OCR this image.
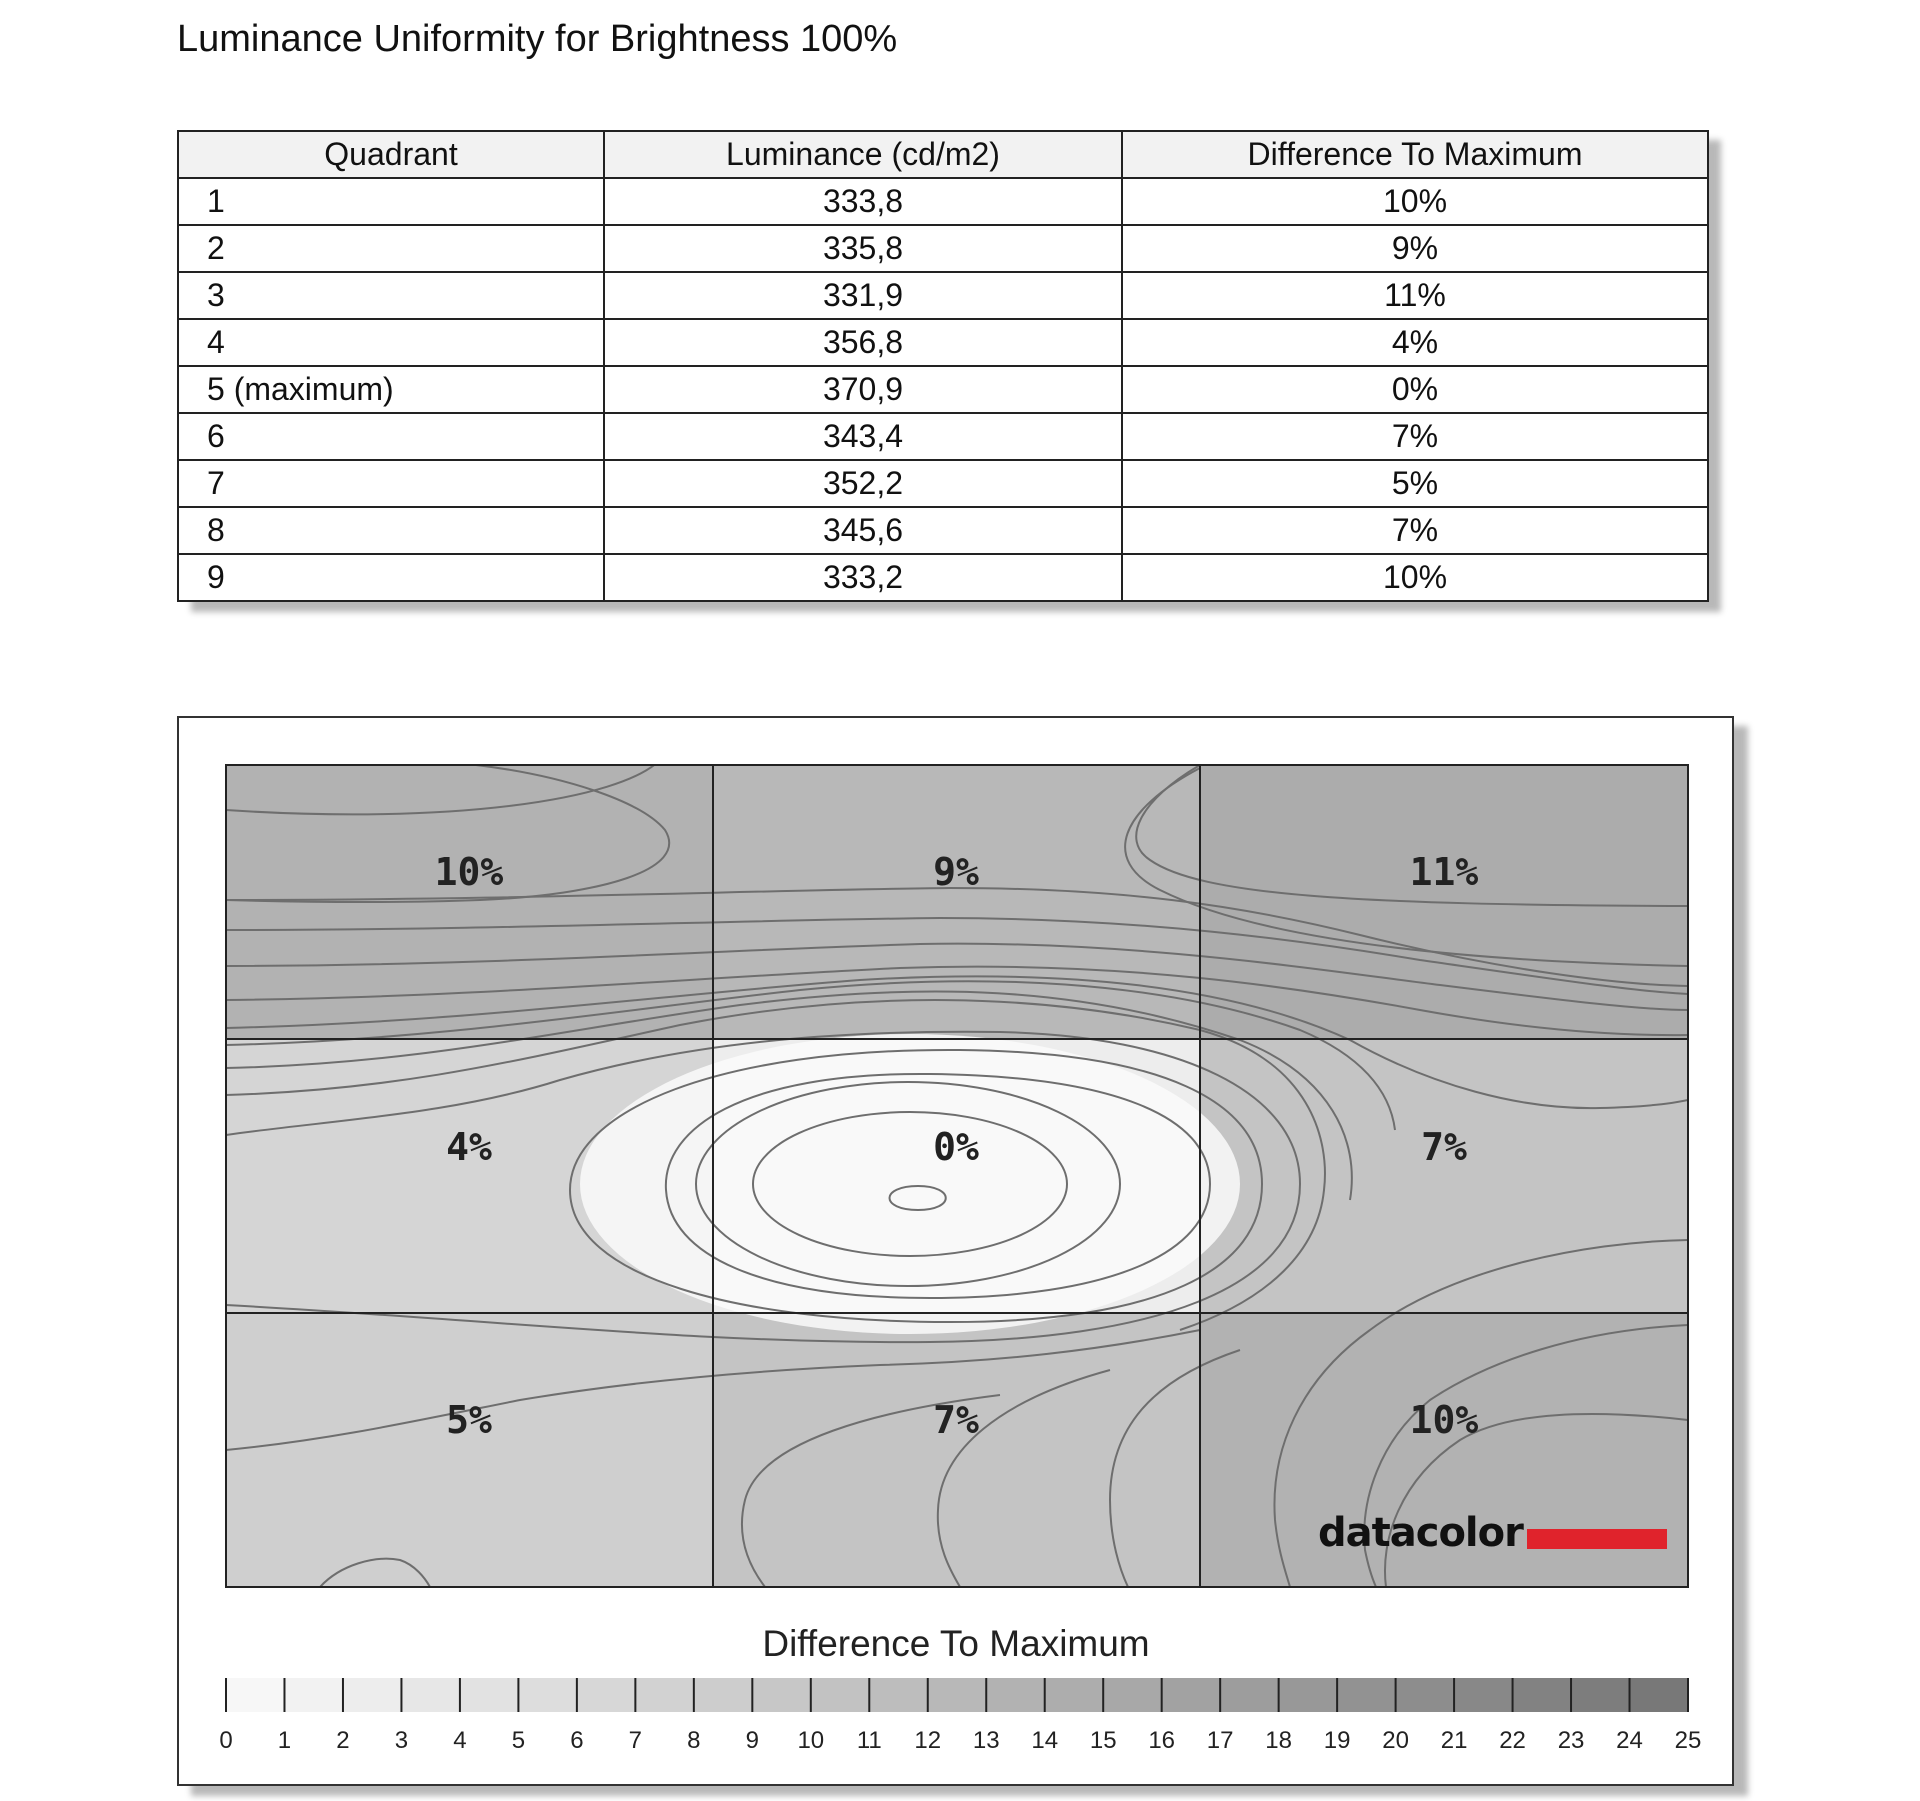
Luminance Uniformity for Brightness 100%
Quadrant	Luminance (cd/m2)	Difference To Maximum
1	333,8	10%
2	335,8	9%
3	331,9	11%
4	356,8	4%
5 (maximum)	370,9	0%
6	343,4	7%
7	352,2	5%
8	345,6	7%
9	333,2	10%
10%	9%	11%
4%	0%	7%
5%	7%	10%
Difference To Maximum
0 1 2 3 4 5 6 7 8 9 10 11 12 13 14 15 16 17 18 19 20 21 22 23 24 25
datacolor
